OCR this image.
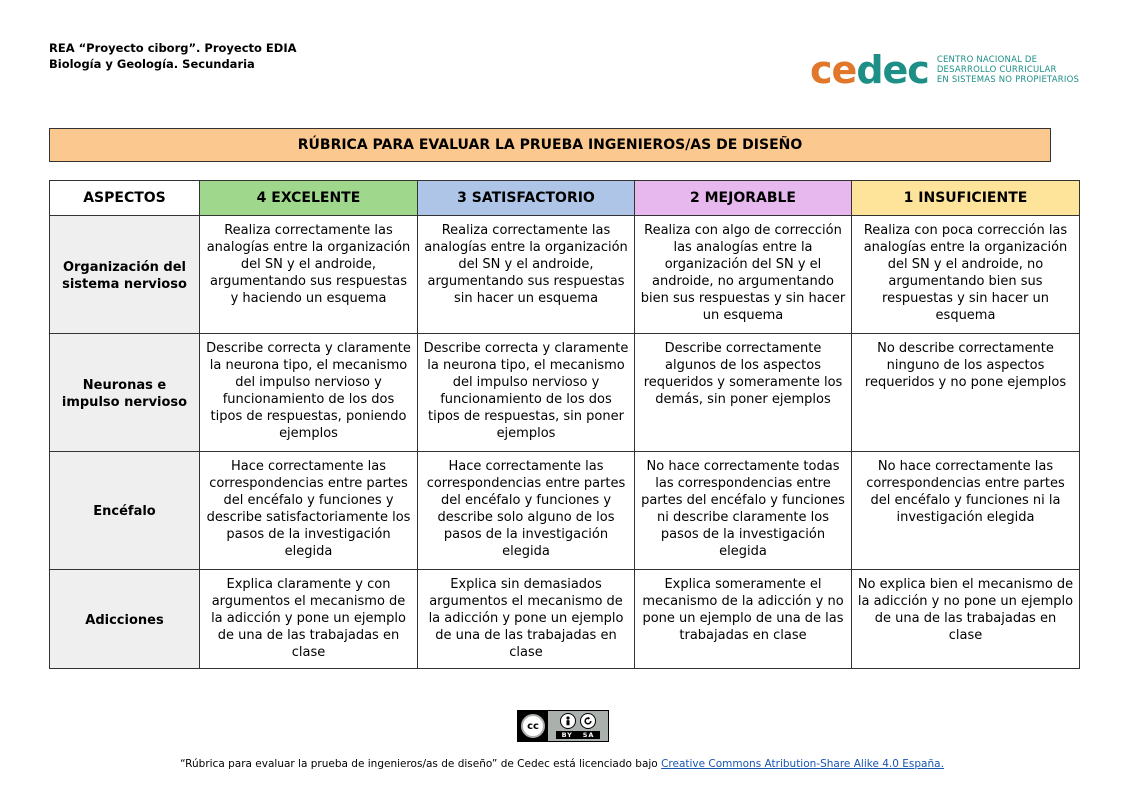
REA “Proyecto ciborg”. Proyecto EDIA
Biología y Geología. Secundaria	cedec CENTRO NACIONAL DE
DESARROLLO CURRICULAR
EN SISTEMAS NO PROPIETARIOS
RÚBRICA PARA EVALUAR LA PRUEBA INGENIEROS/AS DE DISEÑO
ASPECTOS	4 EXCELENTE	3 SATISFACTORIO	2 MEJORABLE	1 INSUFICIENTE
Organización del sistema nervioso	Realiza correctamente las analogías entre la organización del SN y el androide, argumentando sus respuestas y haciendo un esquema	Realiza correctamente las analogías entre la organización del SN y el androide, argumentando sus respuestas sin hacer un esquema	Realiza con algo de corrección las analogías entre la organización del SN y el androide, no argumentando bien sus respuestas y sin hacer un esquema	Realiza con poca corrección las analogías entre la organización del SN y el androide, no argumentando bien sus respuestas y sin hacer un esquema
Neuronas e impulso nervioso	Describe correcta y claramente la neurona tipo, el mecanismo del impulso nervioso y funcionamiento de los dos tipos de respuestas, poniendo ejemplos	Describe correcta y claramente la neurona tipo, el mecanismo del impulso nervioso y funcionamiento de los dos tipos de respuestas, sin poner ejemplos	Describe correctamente algunos de los aspectos requeridos y someramente los demás, sin poner ejemplos	No describe correctamente ninguno de los aspectos requeridos y no pone ejemplos
Encéfalo	Hace correctamente las correspondencias entre partes del encéfalo y funciones y describe satisfactoriamente los pasos de la investigación elegida	Hace correctamente las correspondencias entre partes del encéfalo y funciones y describe solo alguno de los pasos de la investigación elegida	No hace correctamente todas las correspondencias entre partes del encéfalo y funciones ni describe claramente los pasos de la investigación elegida	No hace correctamente las correspondencias entre partes del encéfalo y funciones ni la investigación elegida
Adicciones	Explica claramente y con argumentos el mecanismo de la adicción y pone un ejemplo de una de las trabajadas en clase	Explica sin demasiados argumentos el mecanismo de la adicción y pone un ejemplo de una de las trabajadas en clase	Explica someramente el mecanismo de la adicción y no pone un ejemplo de una de las trabajadas en clase	No explica bien el mecanismo de la adicción y no pone un ejemplo de una de las trabajadas en clase
cc
BY SA
“Rúbrica para evaluar la prueba de ingenieros/as de diseño” de Cedec está licenciado bajo Creative Commons Atribution-Share Alike 4.0 España.
